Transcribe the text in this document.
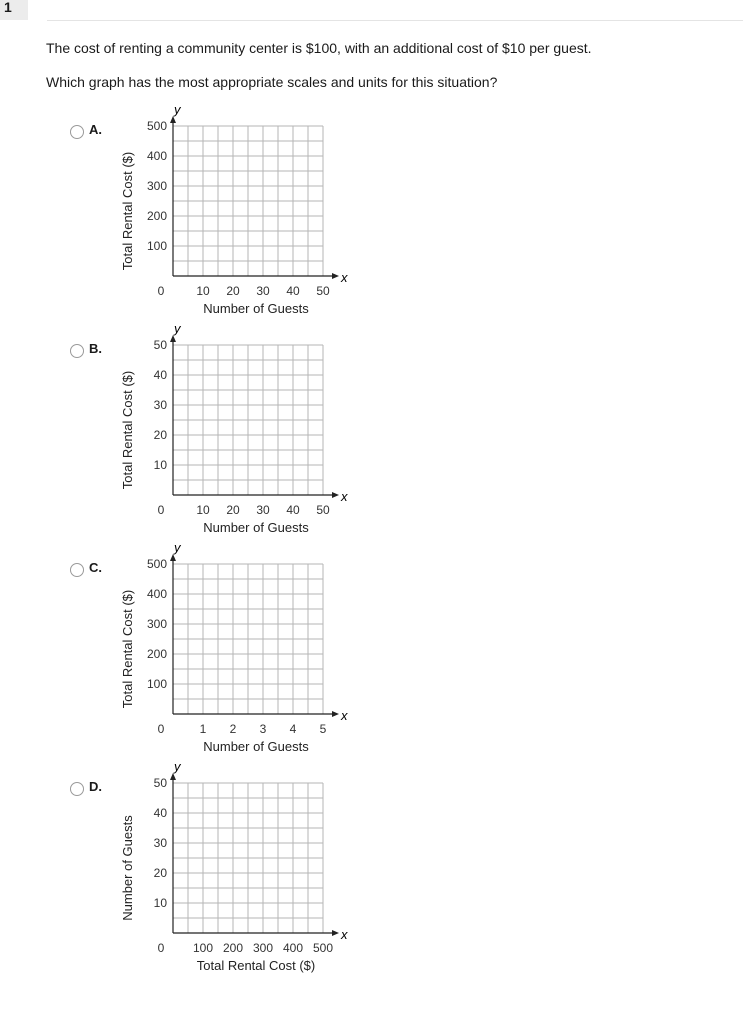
1
The cost of renting a community center is $100, with an additional cost of $10 per guest.
Which graph has the most appropriate scales and units for this situation?
A.
x
y
100
200
300
400
500
0	10 20 30 40 50
Number of Guests
Total Rental Cost ($)
B.
x
y
10
20
30
40
50
0	10 20 30 40 50
Number of Guests
Total Rental Cost ($)
C.
x
y
100
200
300
400
500
0	1 2 3 4 5
Number of Guests
Total Rental Cost ($)
D.
x
y
10
20
30
40
50
0 100 200 300 400 500
Total Rental Cost ($)
Number of Guests
